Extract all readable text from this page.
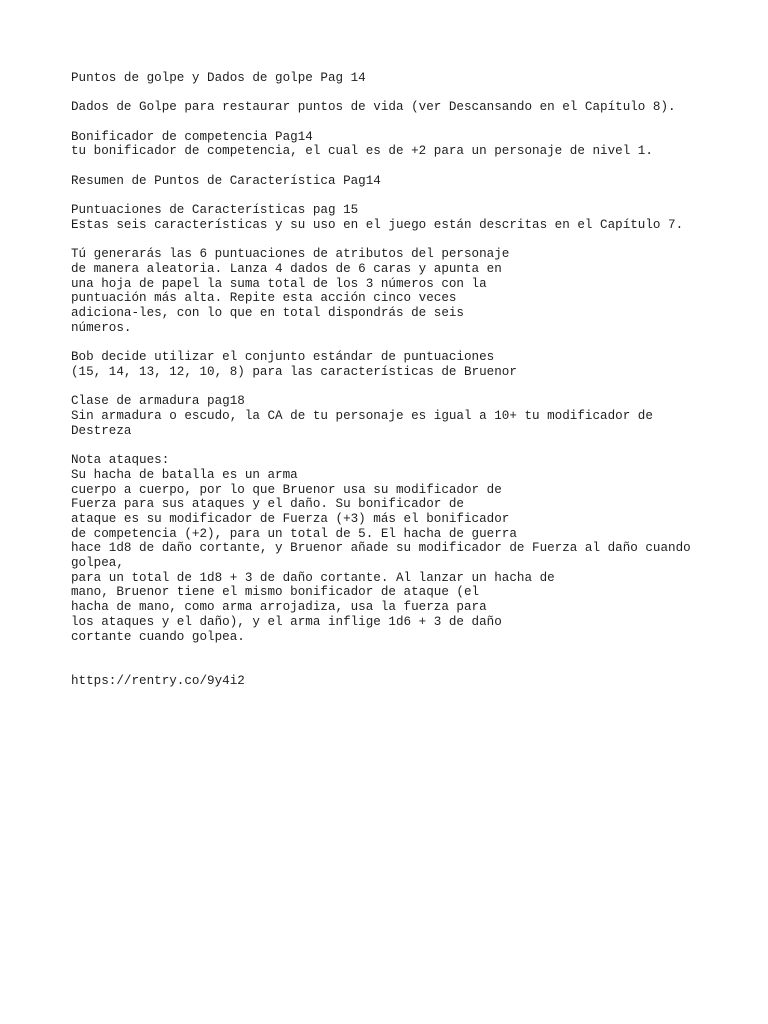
Puntos de golpe y Dados de golpe Pag 14
Dados de Golpe para restaurar puntos de vida (ver Descansando en el Capítulo 8).
Bonificador de competencia Pag14
tu bonificador de competencia, el cual es de +2 para un personaje de nivel 1.
Resumen de Puntos de Característica Pag14
Puntuaciones de Características pag 15
Estas seis características y su uso en el juego están descritas en el Capítulo 7.
Tú generarás las 6 puntuaciones de atributos del personaje
de manera aleatoria. Lanza 4 dados de 6 caras y apunta en
una hoja de papel la suma total de los 3 números con la
puntuación más alta. Repite esta acción cinco veces
adiciona-les, con lo que en total dispondrás de seis
números.
Bob decide utilizar el conjunto estándar de puntuaciones
(15, 14, 13, 12, 10, 8) para las características de Bruenor
Clase de armadura pag18
Sin armadura o escudo, la CA de tu personaje es igual a 10+ tu modificador de
Destreza
Nota ataques:
Su hacha de batalla es un arma
cuerpo a cuerpo, por lo que Bruenor usa su modificador de
Fuerza para sus ataques y el daño. Su bonificador de
ataque es su modificador de Fuerza (+3) más el bonificador
de competencia (+2), para un total de 5. El hacha de guerra
hace 1d8 de daño cortante, y Bruenor añade su modificador de Fuerza al daño cuando
golpea,
para un total de 1d8 + 3 de daño cortante. Al lanzar un hacha de
mano, Bruenor tiene el mismo bonificador de ataque (el
hacha de mano, como arma arrojadiza, usa la fuerza para
los ataques y el daño), y el arma inflige 1d6 + 3 de daño
cortante cuando golpea.
https://rentry.co/9y4i2
